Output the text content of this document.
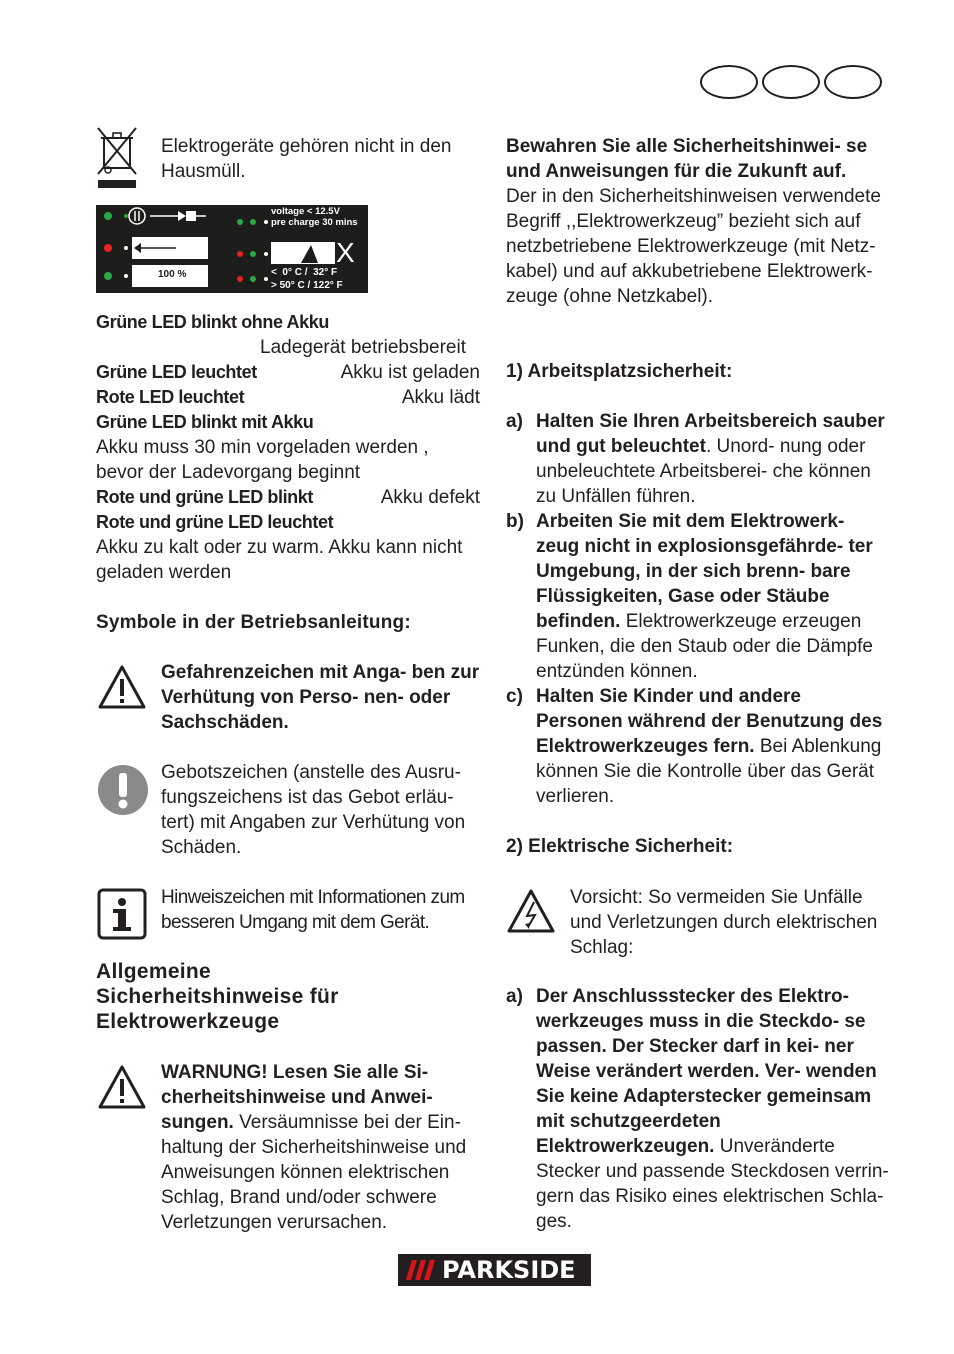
Elektrogeräte gehören nicht in den Hausmüll.
voltage < 12.5V
pre charge 30 mins
100 %
X
<  0° C /  32° F
> 50° C / 122° F
Grüne LED blinkt ohne Akku
Ladegerät betriebsbereit
Grüne LED leuchtet	Akku ist geladen
Rote LED leuchtet	Akku lädt
Grüne LED blinkt mit Akku
Akku muss 30 min vorgeladen werden , bevor der Ladevorgang beginnt
Rote und grüne LED blinkt	Akku defekt
Rote und grüne LED leuchtet
Akku zu kalt oder zu warm. Akku kann nicht geladen werden
Symbole in der Betriebsanleitung:
Gefahrenzeichen mit Anga- ben zur Verhütung von Perso- nen- oder Sachschäden.
Gebotszeichen (anstelle des Ausru- fungszeichens ist das Gebot erläu- tert) mit Angaben zur Verhütung von Schäden.
Hinweiszeichen mit Informationen zum besseren Umgang mit dem Gerät.
Allgemeine
Sicherheitshinweise für
Elektrowerkzeuge
WARNUNG! Lesen Sie alle Si- cherheitshinweise und Anwei- sungen. Versäumnisse bei der Ein- haltung der Sicherheitshinweise und Anweisungen können elektrischen Schlag, Brand und/oder schwere Verletzungen verursachen.
Bewahren Sie alle Sicherheitshinwei- se und Anweisungen für die Zukunft auf.
Der in den Sicherheitshinweisen verwendete Begriff ,,Elektrowerkzeug” bezieht sich auf netzbetriebene Elektrowerkzeuge (mit Netz- kabel) und auf akkubetriebene Elektrowerk- zeuge (ohne Netzkabel).
1) Arbeitsplatzsicherheit:
a) Halten Sie Ihren Arbeitsbereich sauber und gut beleuchtet. Unord- nung oder unbeleuchtete Arbeitsberei- che können zu Unfällen führen.
b) Arbeiten Sie mit dem Elektrowerk- zeug nicht in explosionsgefährde- ter Umgebung, in der sich brenn- bare Flüssigkeiten, Gase oder Stäube befinden. Elektrowerkzeuge erzeugen Funken, die den Staub oder die Dämpfe entzünden können.
c) Halten Sie Kinder und andere Personen während der Benutzung des Elektrowerkzeuges fern. Bei Ablenkung können Sie die Kontrolle über das Gerät verlieren.
2) Elektrische Sicherheit:
Vorsicht: So vermeiden Sie Unfälle und Verletzungen durch elektrischen Schlag:
a) Der Anschlussstecker des Elektro- werkzeuges muss in die Steckdo- se passen. Der Stecker darf in kei- ner Weise verändert werden. Ver- wenden Sie keine Adapterstecker gemeinsam mit schutzgeerdeten Elektrowerkzeugen. Unveränderte Stecker und passende Steckdosen verrin- gern das Risiko eines elektrischen Schla- ges.
PARKSIDE
